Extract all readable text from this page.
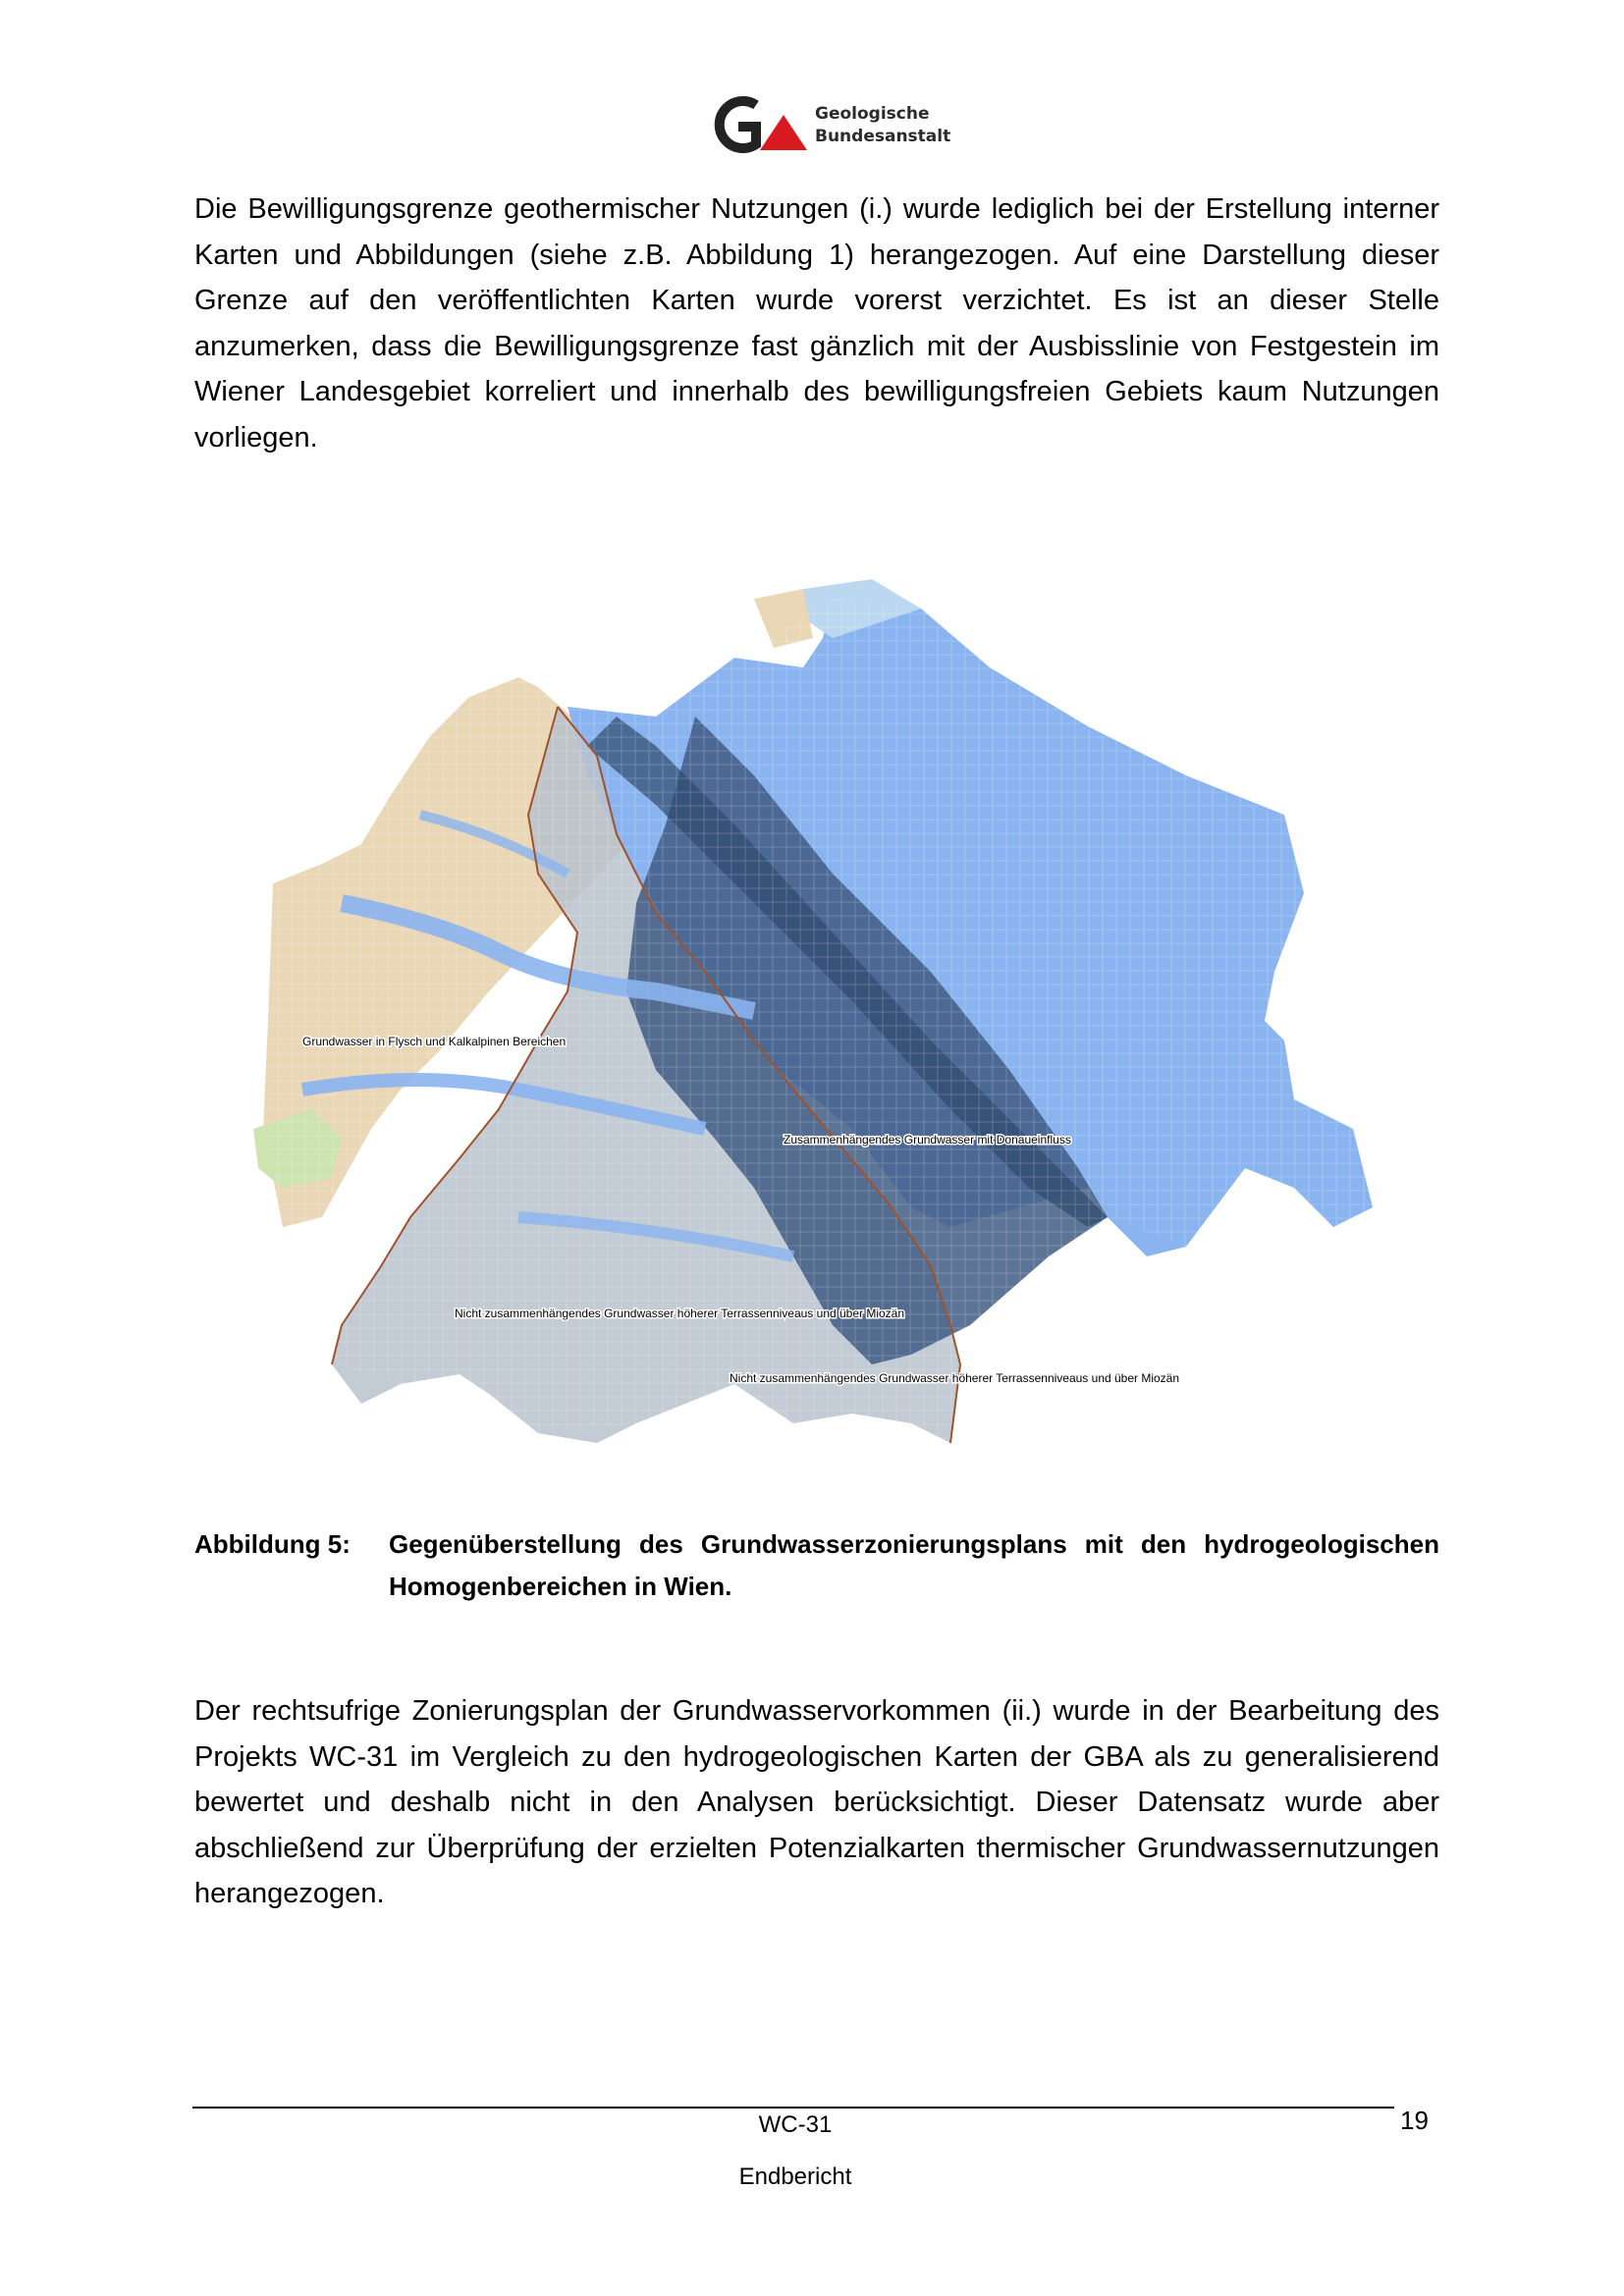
Geologische
Bundesanstalt

Die Bewilligungsgrenze geothermischer Nutzungen (i.) wurde lediglich bei der Erstellung interner Karten und Abbildungen (siehe z.B. Abbildung 1) herangezogen. Auf eine Darstellung dieser Grenze auf den veröffentlichten Karten wurde vorerst verzichtet. Es ist an dieser Stelle anzumerken, dass die Bewilligungsgrenze fast gänzlich mit der Ausbisslinie von Festgestein im Wiener Landesgebiet korreliert und innerhalb des bewilligungsfreien Gebiets kaum Nutzungen vorliegen.

Grundwasser in Flysch und Kalkalpinen Bereichen
Zusammenhängendes Grundwasser mit Donaueinfluss
Nicht zusammenhängendes Grundwasser höherer Terrassenniveaus und über Miozän
Nicht zusammenhängendes Grundwasser höherer Terrassenniveaus und über Miozän
Abbildung 5: Gegenüberstellung des Grundwasserzonierungsplans mit den hydrogeologischen Homogenbereichen in Wien.

Der rechtsufrige Zonierungsplan der Grundwasservorkommen (ii.) wurde in der Bearbeitung des Projekts WC-31 im Vergleich zu den hydrogeologischen Karten der GBA als zu generalisierend bewertet und deshalb nicht in den Analysen berücksichtigt. Dieser Datensatz wurde aber abschließend zur Überprüfung der erzielten Potenzialkarten thermischer Grundwassernutzungen herangezogen.

WC-31	19
Endbericht
